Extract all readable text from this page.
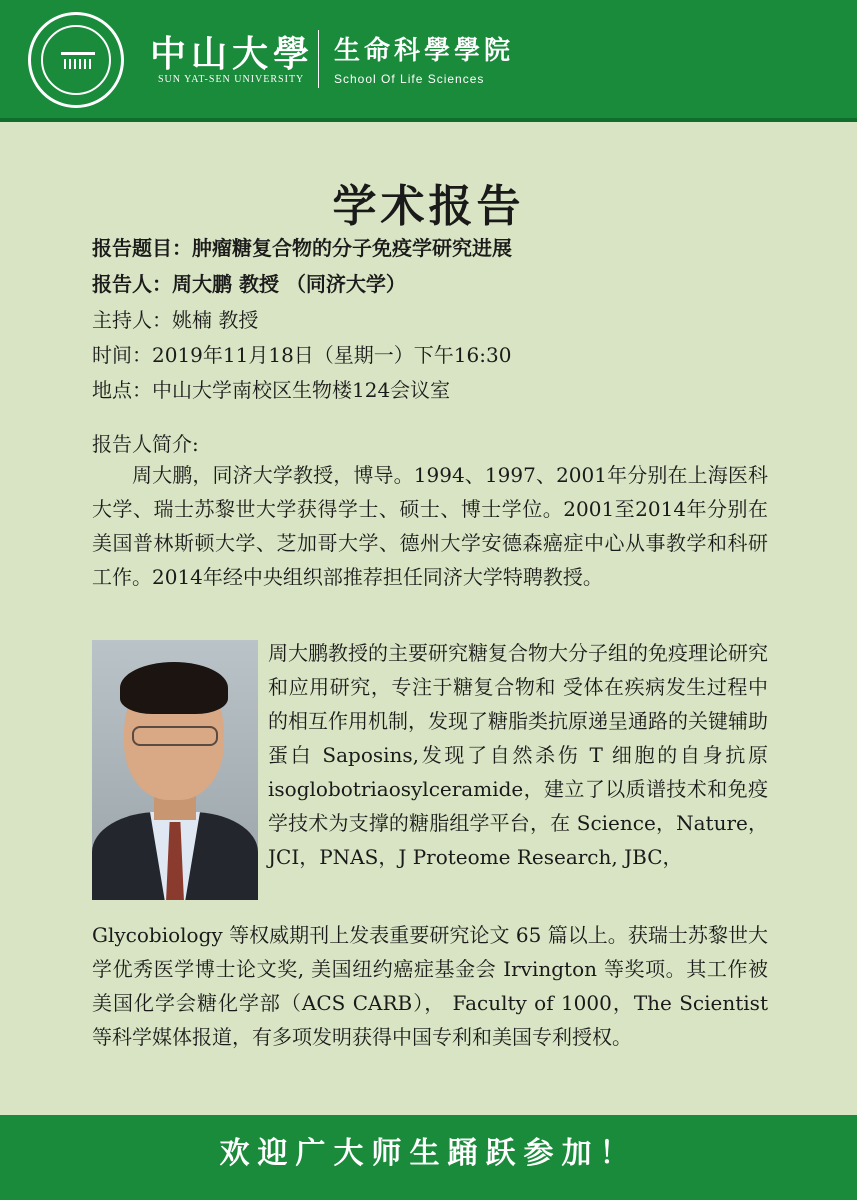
中山大學
SUN YAT-SEN UNIVERSITY
生命科學學院
School Of Life Sciences
学术报告
报告题目：肿瘤糖复合物的分子免疫学研究进展
报告人：周大鹏 教授 （同济大学）
主持人：姚楠 教授
时间：2019年11月18日（星期一）下午16:30
地点：中山大学南校区生物楼124会议室
报告人简介:
周大鹏，同济大学教授，博导。1994、1997、2001年分别在上海医科大学、瑞士苏黎世大学获得学士、硕士、博士学位。2001至2014年分别在美国普林斯顿大学、芝加哥大学、德州大学安德森癌症中心从事教学和科研工作。2014年经中央组织部推荐担任同济大学特聘教授。
周大鹏教授的主要研究糖复合物大分子组的免疫理论研究和应用研究，专注于糖复合物和 受体在疾病发生过程中的相互作用机制，发现了糖脂类抗原递呈通路的关键辅助蛋白 Saposins,发现了自然杀伤 T 细胞的自身抗原 isoglobotriaosylceramide，建立了以质谱技术和免疫学技术为支撑的糖脂组学平台，在 Science，Nature，JCI，PNAS，J Proteome Research, JBC，
Glycobiology 等权威期刊上发表重要研究论文 65 篇以上。获瑞士苏黎世大学优秀医学博士论文奖, 美国纽约癌症基金会 Irvington 等奖项。其工作被美国化学会糖化学部（ACS CARB）， Faculty of 1000，The Scientist 等科学媒体报道，有多项发明获得中国专利和美国专利授权。
欢迎广大师生踊跃参加！
